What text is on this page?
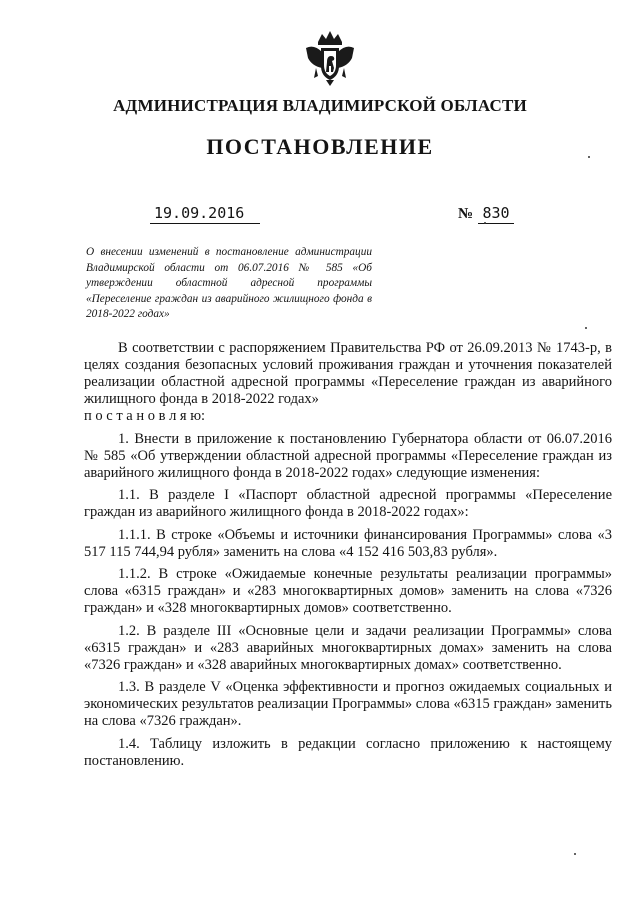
АДМИНИСТРАЦИЯ ВЛАДИМИРСКОЙ ОБЛАСТИ
ПОСТАНОВЛЕНИЕ
19.09.2016	№ 830
О внесении изменений в постановление администрации Владимирской области от 06.07.2016 № 585 «Об утверждении областной адресной программы «Переселение граждан из аварийного жилищного фонда в 2018-2022 годах»

В соответствии с распоряжением Правительства РФ от 26.09.2013 № 1743-р, в целях создания безопасных условий проживания граждан и уточнения показателей реализации областной адресной программы «Переселение граждан из аварийного жилищного фонда в 2018-2022 годах»
п о с т а н о в л я ю:

1. Внести в приложение к постановлению Губернатора области от 06.07.2016 № 585 «Об утверждении областной адресной программы «Переселение граждан из аварийного жилищного фонда в 2018-2022 годах» следующие изменения:

1.1. В разделе I «Паспорт областной адресной программы «Переселение граждан из аварийного жилищного фонда в 2018-2022 годах»:

1.1.1. В строке «Объемы и источники финансирования Программы» слова «3 517 115 744,94 рубля» заменить на слова «4 152 416 503,83 рубля».

1.1.2. В строке «Ожидаемые конечные результаты реализации программы» слова «6315 граждан» и «283 многоквартирных домов» заменить на слова «7326 граждан» и «328 многоквартирных домов» соответственно.

1.2. В разделе III «Основные цели и задачи реализации Программы» слова «6315 граждан» и «283 аварийных многоквартирных домах» заменить на слова «7326 граждан» и «328 аварийных многоквартирных домах» соответственно.

1.3. В разделе V «Оценка эффективности и прогноз ожидаемых социальных и экономических результатов реализации Программы» слова «6315 граждан» заменить на слова «7326 граждан».

1.4. Таблицу изложить в редакции согласно приложению к настоящему постановлению.
